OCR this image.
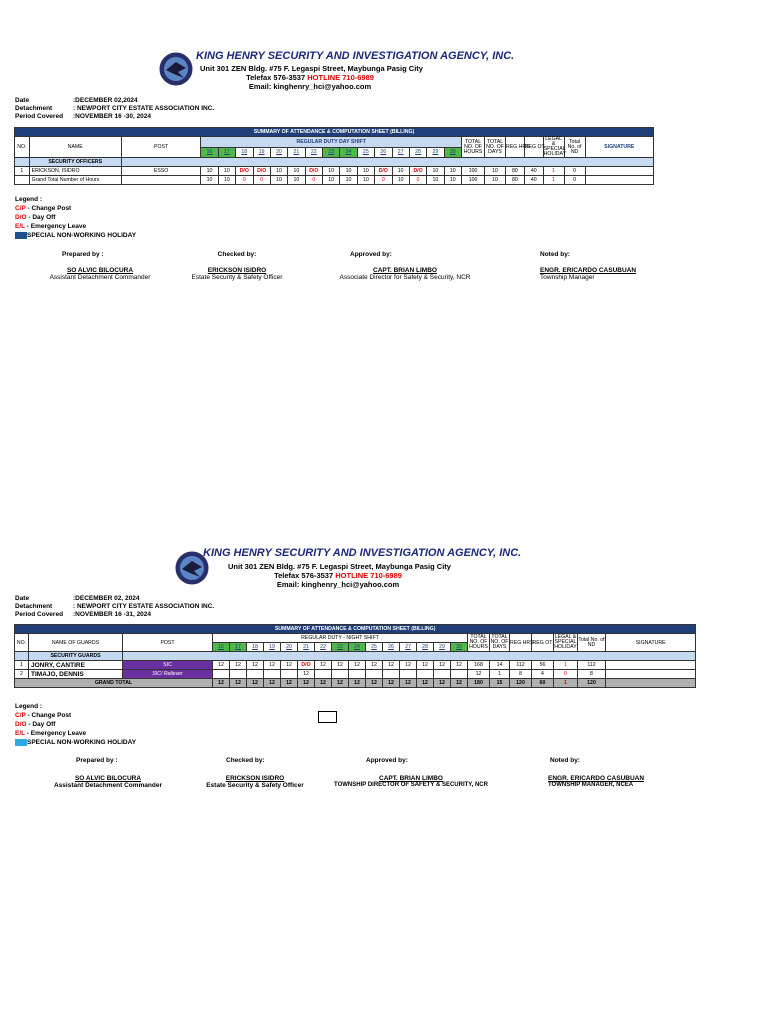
KING HENRY SECURITY AND INVESTIGATION AGENCY, INC.
Unit 301 ZEN Bldg. #75 F. Legaspi Street, Maybunga Pasig City
Telefax 576-3537 HOTLINE 710-6989
Email: kinghenry_hci@yahoo.com
Date	:DECEMBER 02,2024
Detachment	: NEWPORT CITY ESTATE ASSOCIATION INC.
Period Covered	:NOVEMBER 16 -30, 2024
SUMMARY OF ATTENDANCE & COMPUTATION SHEET (BILLING)																								
NO.	NAME	POST	REGULAR DUTY DAY SHIFT															TOTAL NO. OF HOURS	TOTAL NO. OF DAYS	REG HRS	REG OT	LEGAL & SPECIAL HOLIDAY	Total No. of ND	SIGNATURE
			16	17	18	19	20	21	22	23	24	25	26	27	28	29	30							
	SECURITY OFFICERS																							
1	ERICKSON, ISIDRO	ESSO	10	10	D/O	D/O	10	10	D/O	10	10	10	D/O	10	D/O	10	10	100	10	80	40	1	0	
	Grand Total Number of Hours		10	10	0	0	10	10	0	10	10	10	0	10	0	10	10	100	10	80	40	1	0	
Legend :
C/P - Change Post
D/O - Day Off
E/L - Emergency Leave
SPECIAL NON-WORKING HOLIDAY
Prepared by :
SO ALVIC BILOCURA
Assistant Detachment Commander
Checked by:
ERICKSON ISIDRO
Estate Security & Safety Officer
Approved by:
CAPT. BRIAN LIMBO
Associate Director for Safety & Security, NCR
Noted by:
ENGR. ERICARDO CASUBUAN
Township Manager
KING HENRY SECURITY AND INVESTIGATION AGENCY, INC.
Unit 301 ZEN Bldg. #75 F. Legaspi Street, Maybunga Pasig City
Telefax 576-3537 HOTLINE 710-6989
Email: kinghenry_hci@yahoo.com
Date	:DECEMBER 02, 2024
Detachment	: NEWPORT CITY ESTATE ASSOCIATION INC.
Period Covered	:NOVEMBER 16 -31, 2024
SUMMARY OF ATTENDANCE & COMPUTATION SHEET (BILLING)																								
NO.	NAME OF GUARDS	POST	REGULAR DUTY - NIGHT SHIFT															TOTAL NO. OF HOURS	TOTAL NO. OF DAYS	REG HRS	REG OT	LEGAL & SPECIAL HOLIDAY	Total No. of ND	SIGNATURE
			16	17	18	19	20	21	22	23	24	25	26	27	28	29	30							
	SECURITY GUARDS																							
1	JONRY, CANTIRE	SIC	12	12	12	12	12	D/O	12	12	12	12	12	12	12	12	12	168	14	112	56	1	112	
2	TIMAJO, DENNIS	SIC/ Reliever						12										12	1	8	4	0	8	
GRAND TOTAL			12	12	12	12	12	12	12	12	12	12	12	12	12	12	12	180	15	120	60	1	120	
Legend :
C/P - Change Post
D/O - Day Off
E/L - Emergency Leave
SPECIAL NON-WORKING HOLIDAY
Prepared by :
SO ALVIC BILOCURA
Assistant Detachment Commander
Checked by:
ERICKSON ISIDRO
Estate Security & Safety Officer
Approved by:
CAPT. BRIAN LIMBO
TOWNSHIP DIRECTOR OF SAFETY & SECURITY, NCR
Noted by:
ENGR. ERICARDO CASUBUAN
TOWNSHIP MANAGER, NCEA
